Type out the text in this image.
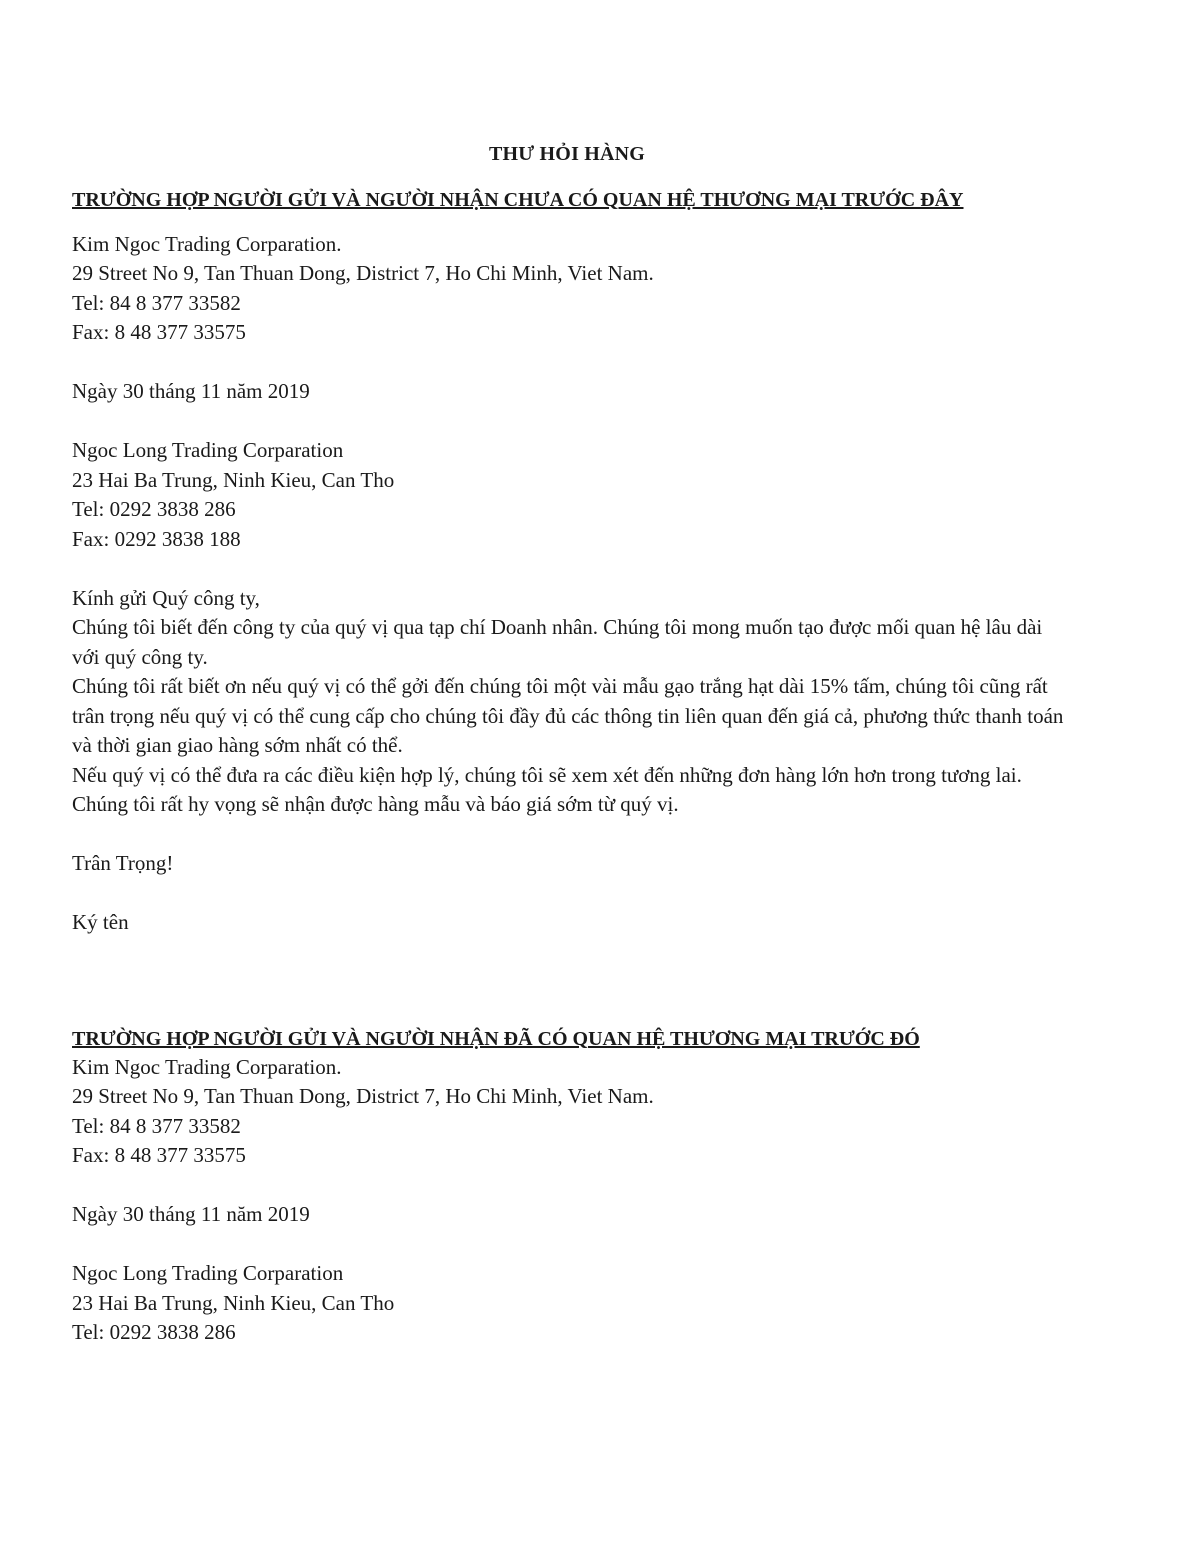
THƯ HỎI HÀNG
TRƯỜNG HỢP NGƯỜI GỬI VÀ NGƯỜI NHẬN CHƯA CÓ QUAN HỆ THƯƠNG MẠI TRƯỚC ĐÂY
Kim Ngoc Trading Corparation.
29 Street No 9, Tan Thuan Dong, District 7, Ho Chi Minh, Viet Nam.
Tel: 84 8 377 33582
Fax: 8 48 377 33575
Ngày 30 tháng 11 năm 2019
Ngoc Long Trading Corparation
23 Hai Ba Trung, Ninh Kieu, Can Tho
Tel: 0292 3838 286
Fax: 0292 3838 188
Kính gửi Quý công ty,
Chúng tôi biết đến công ty của quý vị qua tạp chí Doanh nhân. Chúng tôi mong muốn tạo được mối quan hệ lâu dài với quý công ty.
Chúng tôi rất biết ơn nếu quý vị có thể gởi đến chúng tôi một vài mẫu gạo trắng hạt dài 15% tấm, chúng tôi cũng rất trân trọng nếu quý vị có thể cung cấp cho chúng tôi đầy đủ các thông tin liên quan đến giá cả, phương thức thanh toán và thời gian giao hàng sớm nhất có thể.
Nếu quý vị có thể đưa ra các điều kiện hợp lý, chúng tôi sẽ xem xét đến những đơn hàng lớn hơn trong tương lai. Chúng tôi rất hy vọng sẽ nhận được hàng mẫu và báo giá sớm từ quý vị.
Trân Trọng!
Ký tên
TRƯỜNG HỢP NGƯỜI GỬI VÀ NGƯỜI NHẬN ĐÃ CÓ QUAN HỆ THƯƠNG MẠI TRƯỚC ĐÓ
Kim Ngoc Trading Corparation.
29 Street No 9, Tan Thuan Dong, District 7, Ho Chi Minh, Viet Nam.
Tel: 84 8 377 33582
Fax: 8 48 377 33575
Ngày 30 tháng 11 năm 2019
Ngoc Long Trading Corparation
23 Hai Ba Trung, Ninh Kieu, Can Tho
Tel: 0292 3838 286
